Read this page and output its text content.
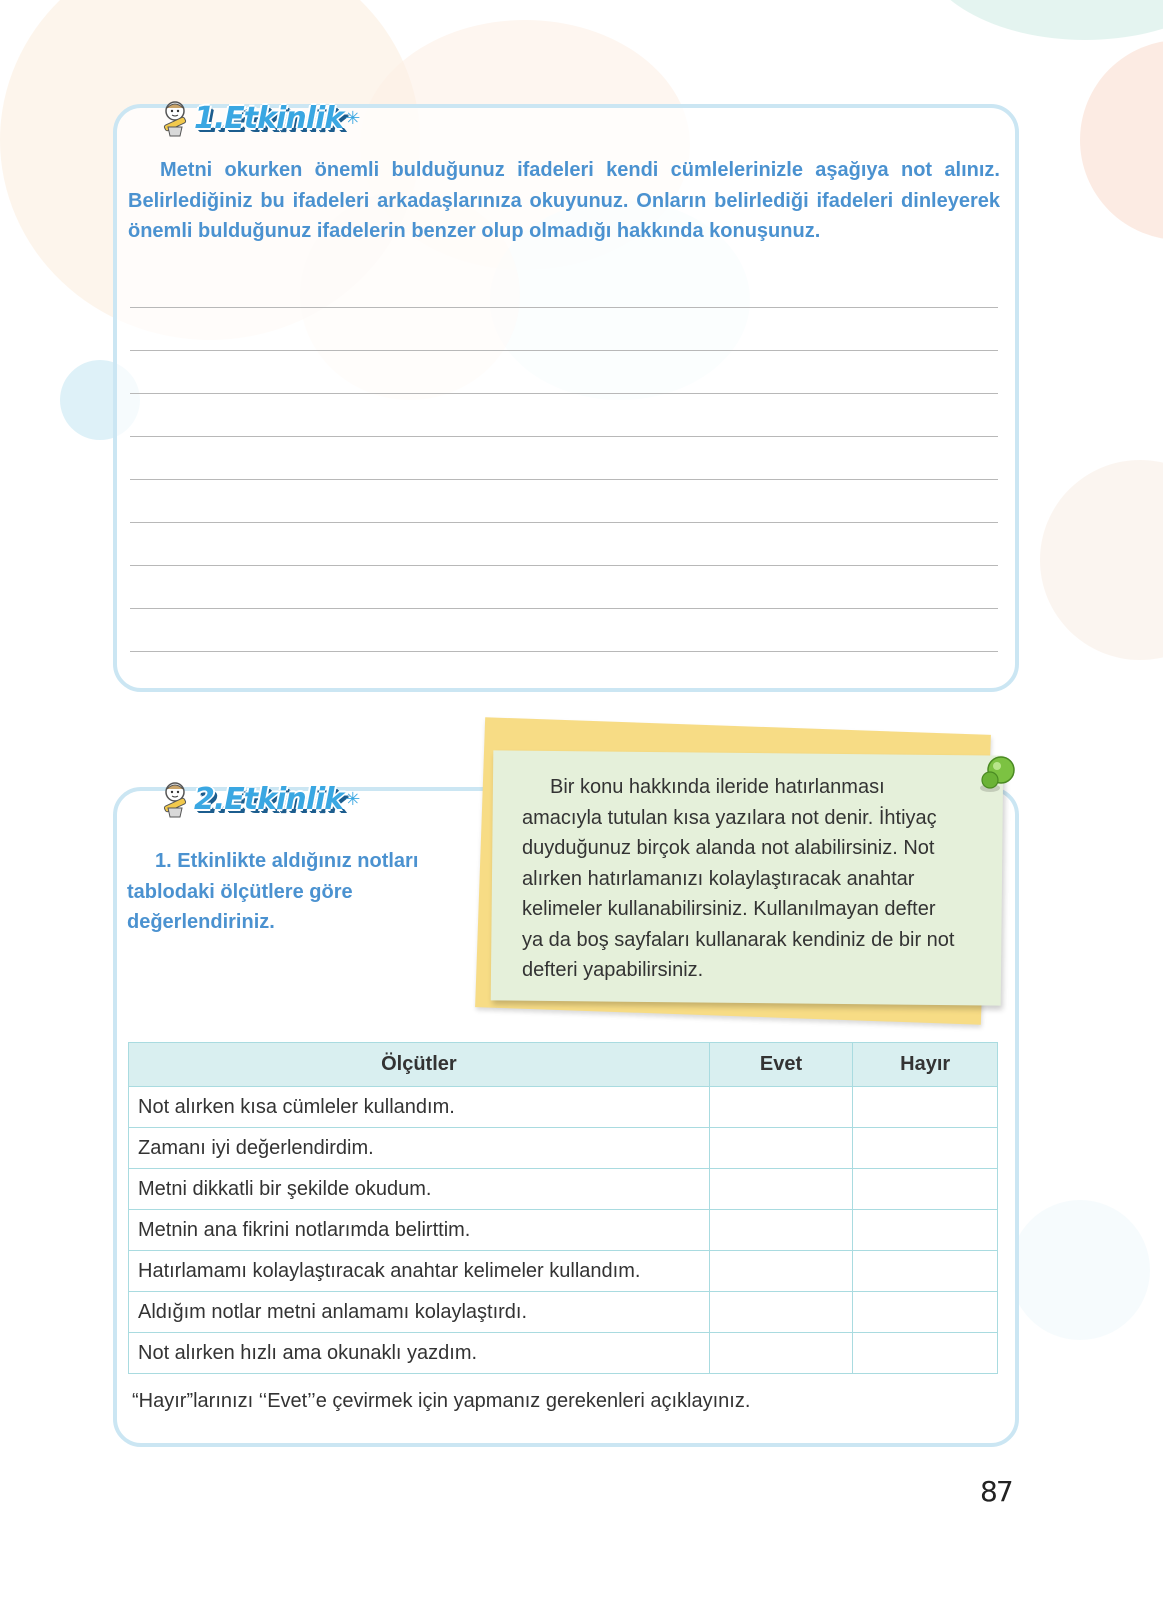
1.Etkinlik ✳

Metni okurken önemli bulduğunuz ifadeleri kendi cümlelerinizle aşağıya not alınız. Belirlediğiniz bu ifadeleri arkadaşlarınıza okuyunuz. Onların belirlediği ifadeleri dinleyerek önemli bulduğunuz ifadelerin benzer olup olmadığı hakkında konuşunuz.

2.Etkinlik ✳

1. Etkinlikte aldığınız notları tablodaki ölçütlere göre değerlendiriniz.

Bir konu hakkında ileride hatırlanması amacıyla tutulan kısa yazılara not denir. İhtiyaç duyduğunuz birçok alanda not alabilirsiniz. Not alırken hatırlamanızı kolaylaştıracak anahtar kelimeler kullanabilirsiniz. Kullanılmayan defter ya da boş sayfaları kullanarak kendiniz de bir not defteri yapabilirsiniz.

Ölçütler	Evet	Hayır
Not alırken kısa cümleler kullandım.		
Zamanı iyi değerlendirdim.		
Metni dikkatli bir şekilde okudum.		
Metnin ana fikrini notlarımda belirttim.		
Hatırlamamı kolaylaştıracak anahtar kelimeler kullandım.		
Aldığım notlar metni anlamamı kolaylaştırdı.		
Not alırken hızlı ama okunaklı yazdım.		

“Hayır”larınızı ‘‘Evet’’e çevirmek için yapmanız gerekenleri açıklayınız.

87
